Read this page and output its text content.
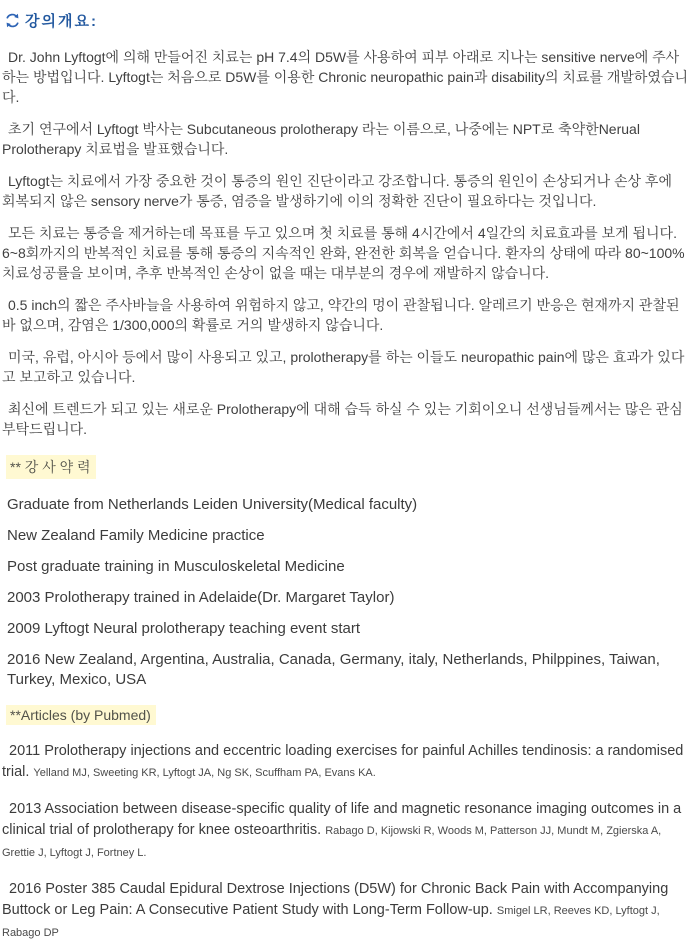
강의개요:

Dr. John Lyftogt에 의해 만들어진 치료는 pH 7.4의 D5W를 사용하여 피부 아래로 지나는 sensitive nerve에 주사하는 방법입니다. Lyftogt는 처음으로 D5W를 이용한 Chronic neuropathic pain과 disability의 치료를 개발하였습니다.

초기 연구에서 Lyftogt 박사는 Subcutaneous prolotherapy 라는 이름으로, 나중에는 NPT로 축약한Nerual Prolotherapy 치료법을 발표했습니다.

Lyftogt는 치료에서 가장 중요한 것이 통증의 원인 진단이라고 강조합니다. 통증의 원인이 손상되거나 손상 후에 회복되지 않은 sensory nerve가 통증, 염증을 발생하기에 이의 정확한 진단이 필요하다는 것입니다.

모든 치료는 통증을 제거하는데 목표를 두고 있으며 첫 치료를 통해 4시간에서 4일간의 치료효과를 보게 됩니다. 6~8회까지의 반복적인 치료를 통해 통증의 지속적인 완화, 완전한 회복을 얻습니다. 환자의 상태에 따라 80~100% 치료성공률을 보이며, 추후 반복적인 손상이 없을 때는 대부분의 경우에 재발하지 않습니다.

0.5 inch의 짧은 주사바늘을 사용하여 위험하지 않고, 약간의 멍이 관찰됩니다. 알레르기 반응은 현재까지 관찰된 바 없으며, 감염은 1/300,000의 확률로 거의 발생하지 않습니다.

미국, 유럽, 아시아 등에서 많이 사용되고 있고, prolotherapy를 하는 이들도 neuropathic pain에 많은 효과가 있다고 보고하고 있습니다.

최신에 트렌드가 되고 있는 새로운 Prolotherapy에 대해 습득 하실 수 있는 기회이오니 선생님들께서는 많은 관심 부탁드립니다.

** 강 사 약 력

Graduate from Netherlands Leiden University(Medical faculty)

New Zealand Family Medicine practice

Post graduate training in Musculoskeletal Medicine

2003 Prolotherapy trained in Adelaide(Dr. Margaret Taylor)

2009 Lyftogt Neural prolotherapy teaching event start

2016 New Zealand, Argentina, Australia, Canada, Germany, italy, Netherlands, Philppines, Taiwan, Turkey, Mexico, USA

**Articles (by Pubmed)

2011 Prolotherapy injections and eccentric loading exercises for painful Achilles tendinosis: a randomised trial. Yelland MJ, Sweeting KR, Lyftogt JA, Ng SK, Scuffham PA, Evans KA.

2013 Association between disease-specific quality of life and magnetic resonance imaging outcomes in a clinical trial of prolotherapy for knee osteoarthritis. Rabago D, Kijowski R, Woods M, Patterson JJ, Mundt M, Zgierska A, Grettie J, Lyftogt J, Fortney L.

2016 Poster 385 Caudal Epidural Dextrose Injections (D5W) for Chronic Back Pain with Accompanying Buttock or Leg Pain: A Consecutive Patient Study with Long-Term Follow-up. Smigel LR, Reeves KD, Lyftogt J, Rabago DP
